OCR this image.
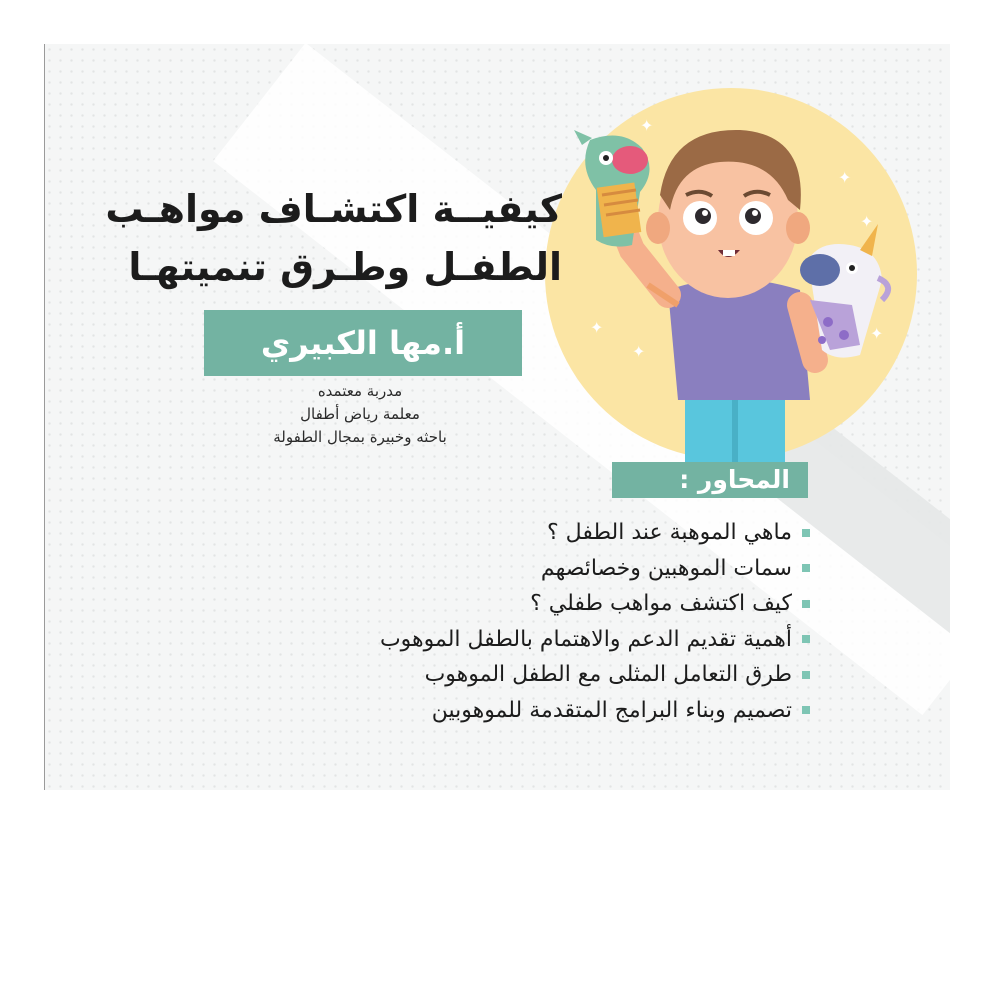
✦
✦
✦
✦
✦
✦
كيفيــة اكتشـاف مواهـب
الطفـل وطـرق تنميتهـا
أ.مها الكبيري
مدربة معتمده
معلمة رياض أطفال
باحثه وخبيرة بمجال الطفولة
المحاور :
ماهي الموهبة عند الطفل ؟
سمات الموهبين وخصائصهم
كيف اكتشف مواهب طفلي ؟
أهمية تقديم الدعم والاهتمام بالطفل الموهوب
طرق التعامل المثلى مع الطفل الموهوب
تصميم وبناء البرامج المتقدمة للموهوبين
